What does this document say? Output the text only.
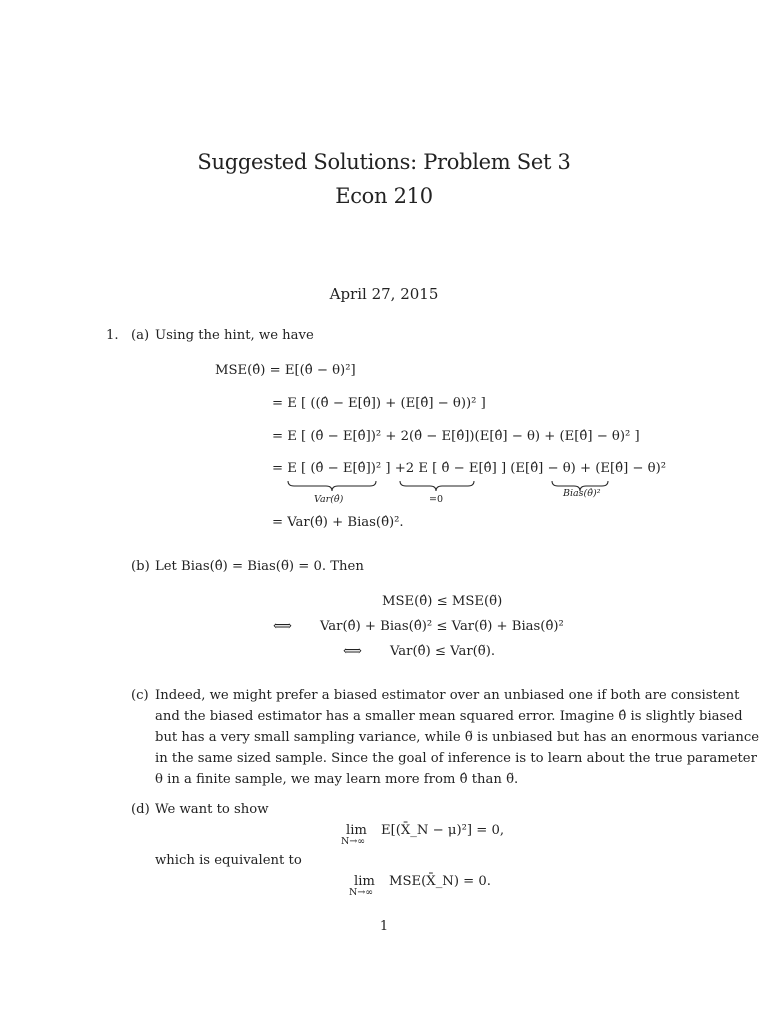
Suggested Solutions: Problem Set 3
Econ 210
April 27, 2015
1. (a) Using the hint, we have
MSE(θ̂) = E[(θ̂ − θ)²]
= E [ ((θ̂ − E[θ̂]) + (E[θ̂] − θ))² ]
= E [ (θ̂ − E[θ̂])² + 2(θ̂ − E[θ̂])(E[θ̂] − θ) + (E[θ̂] − θ)² ]
= E [ (θ̂ − E[θ̂])² ] +2 E [ θ̂ − E[θ̂] ] (E[θ̂] − θ) + (E[θ̂] − θ)²
Var(θ̂)	=0
Bias(θ̂)²
= Var(θ̂) + Bias(θ̂)².
(b) Let Bias(θ̂) = Bias(θ̃) = 0. Then
MSE(θ̂) ≤ MSE(θ̃)
⟺ Var(θ̂) + Bias(θ̂)² ≤ Var(θ̃) + Bias(θ̂)²
⟺ Var(θ̂) ≤ Var(θ̃).
(c) Indeed, we might prefer a biased estimator over an unbiased one if both are consistent
and the biased estimator has a smaller mean squared error. Imagine θ̂ is slightly biased
but has a very small sampling variance, while θ̃ is unbiased but has an enormous variance
in the same sized sample. Since the goal of inference is to learn about the true parameter
θ in a finite sample, we may learn more from θ̂ than θ̃.
(d) We want to show
lim
N→∞
E[(X̄_N − μ)²] = 0,
which is equivalent to
lim
N→∞
MSE(X̄_N) = 0.
1
